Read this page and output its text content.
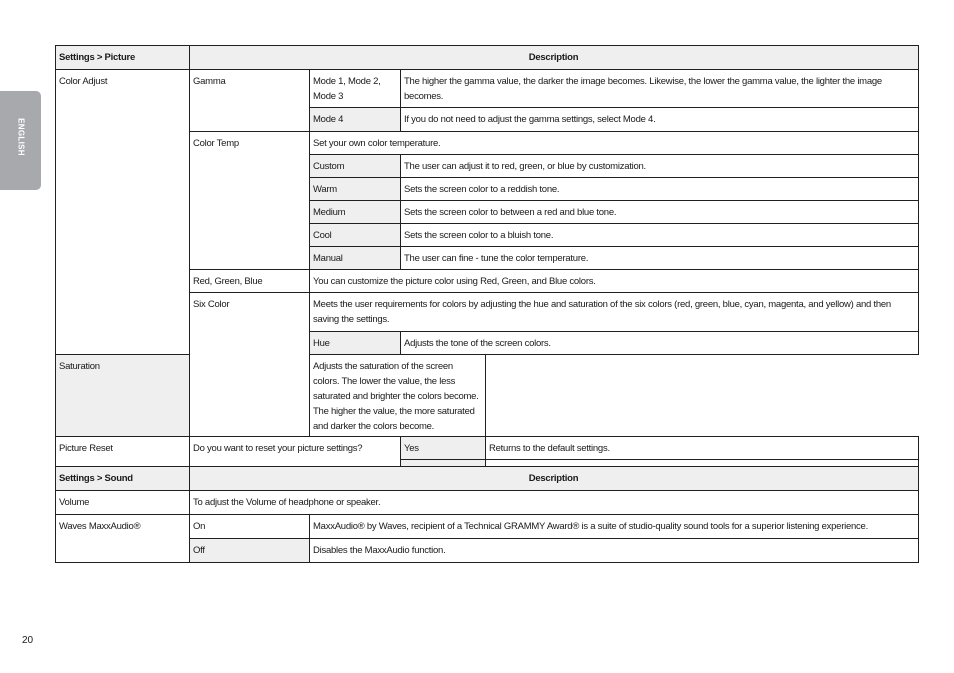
ENGLISH
Settings > Picture	Description			
Color Adjust	Gamma	Mode 1, Mode 2, Mode 3	The higher the gamma value, the darker the image becomes. Likewise, the lower the gamma value, the lighter the image becomes.	
		Mode 4	If you do not need to adjust the gamma settings, select Mode 4.	
	Color Temp	Set your own color temperature.		
		Custom	The user can adjust it to red, green, or blue by customization.	
		Warm	Sets the screen color to a reddish tone.	
		Medium	Sets the screen color to between a red and blue tone.	
		Cool	Sets the screen color to a bluish tone.	
		Manual	The user can fine - tune the color temperature.	
	Red, Green, Blue	You can customize the picture color using Red, Green, and Blue colors.		
	Six Color	Meets the user requirements for colors by adjusting the hue and saturation of the six colors (red, green, blue, cyan, magenta, and yellow) and then saving the settings.		
		Hue	Adjusts the tone of the screen colors.	
Saturation		Adjusts the saturation of the screen colors. The lower the value, the less saturated and brighter the colors become. The higher the value, the more saturated and darker the colors become.		
Picture Reset	Do you want to reset your picture settings?		Yes	Returns to the default settings.

Settings > Sound	Description	
Volume	To adjust the Volume of headphone or speaker.	
Waves MaxxAudio®	On	MaxxAudio® by Waves, recipient of a Technical GRAMMY Award® is a suite of studio-quality sound tools for a superior listening experience.
	Off	Disables the MaxxAudio function.
20
